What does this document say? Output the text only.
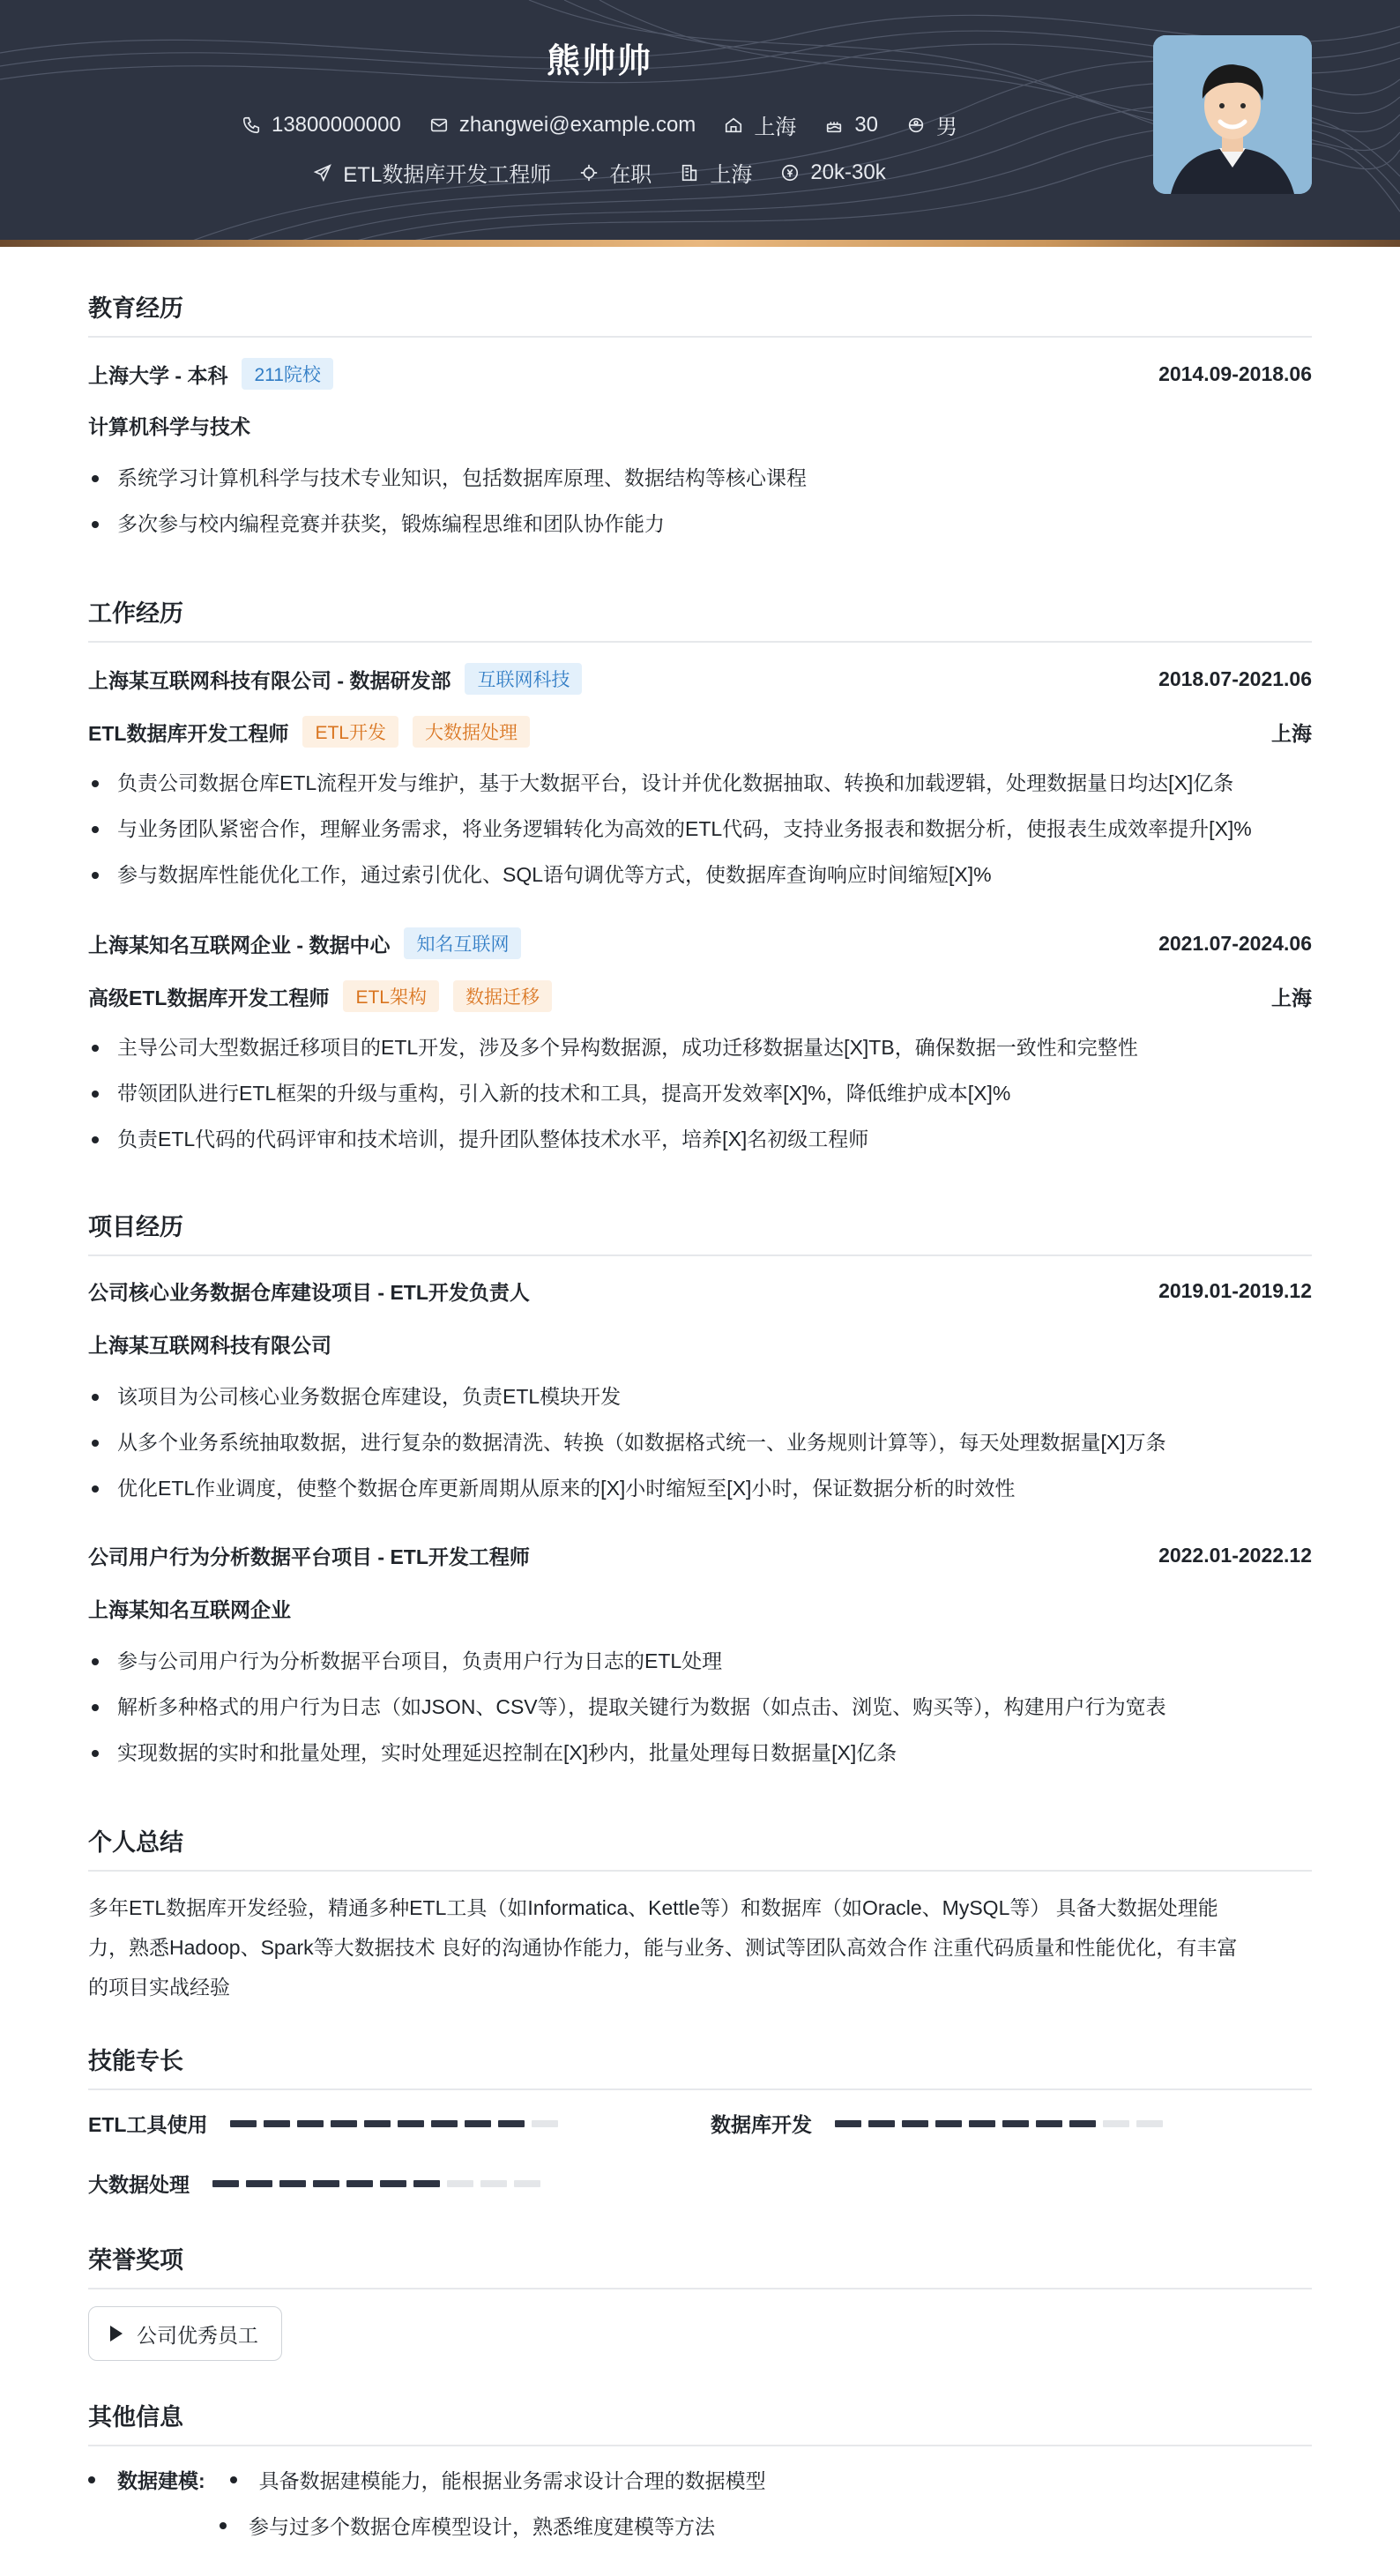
熊帅帅
13800000000	zhangwei@example.com	上海	30	男
ETL数据库开发工程师	在职	上海	20k-30k
教育经历
上海大学 - 本科	211院校	2014.09-2018.06
计算机科学与技术
系统学习计算机科学与技术专业知识，包括数据库原理、数据结构等核心课程
多次参与校内编程竞赛并获奖，锻炼编程思维和团队协作能力
工作经历
上海某互联网科技有限公司 - 数据研发部	互联网科技	2018.07-2021.06
ETL数据库开发工程师	ETL开发	大数据处理	上海
负责公司数据仓库ETL流程开发与维护，基于大数据平台，设计并优化数据抽取、转换和加载逻辑，处理数据量日均达[X]亿条
与业务团队紧密合作，理解业务需求，将业务逻辑转化为高效的ETL代码，支持业务报表和数据分析，使报表生成效率提升[X]%
参与数据库性能优化工作，通过索引优化、SQL语句调优等方式，使数据库查询响应时间缩短[X]%
上海某知名互联网企业 - 数据中心	知名互联网	2021.07-2024.06
高级ETL数据库开发工程师	ETL架构	数据迁移	上海
主导公司大型数据迁移项目的ETL开发，涉及多个异构数据源，成功迁移数据量达[X]TB，确保数据一致性和完整性
带领团队进行ETL框架的升级与重构，引入新的技术和工具，提高开发效率[X]%，降低维护成本[X]%
负责ETL代码的代码评审和技术培训，提升团队整体技术水平，培养[X]名初级工程师
项目经历
公司核心业务数据仓库建设项目 - ETL开发负责人	2019.01-2019.12
上海某互联网科技有限公司
该项目为公司核心业务数据仓库建设，负责ETL模块开发
从多个业务系统抽取数据，进行复杂的数据清洗、转换（如数据格式统一、业务规则计算等），每天处理数据量[X]万条
优化ETL作业调度，使整个数据仓库更新周期从原来的[X]小时缩短至[X]小时，保证数据分析的时效性
公司用户行为分析数据平台项目 - ETL开发工程师	2022.01-2022.12
上海某知名互联网企业
参与公司用户行为分析数据平台项目，负责用户行为日志的ETL处理
解析多种格式的用户行为日志（如JSON、CSV等），提取关键行为数据（如点击、浏览、购买等），构建用户行为宽表
实现数据的实时和批量处理，实时处理延迟控制在[X]秒内，批量处理每日数据量[X]亿条
个人总结
多年ETL数据库开发经验，精通多种ETL工具（如Informatica、Kettle等）和数据库（如Oracle、MySQL等） 具备大数据处理能
力，熟悉Hadoop、Spark等大数据技术 良好的沟通协作能力，能与业务、测试等团队高效合作 注重代码质量和性能优化，有丰富
的项目实战经验
技能专长
ETL工具使用	数据库开发
大数据处理
荣誉奖项
公司优秀员工
其他信息
数据建模:	具备数据建模能力，能根据业务需求设计合理的数据模型
参与过多个数据仓库模型设计，熟悉维度建模等方法
